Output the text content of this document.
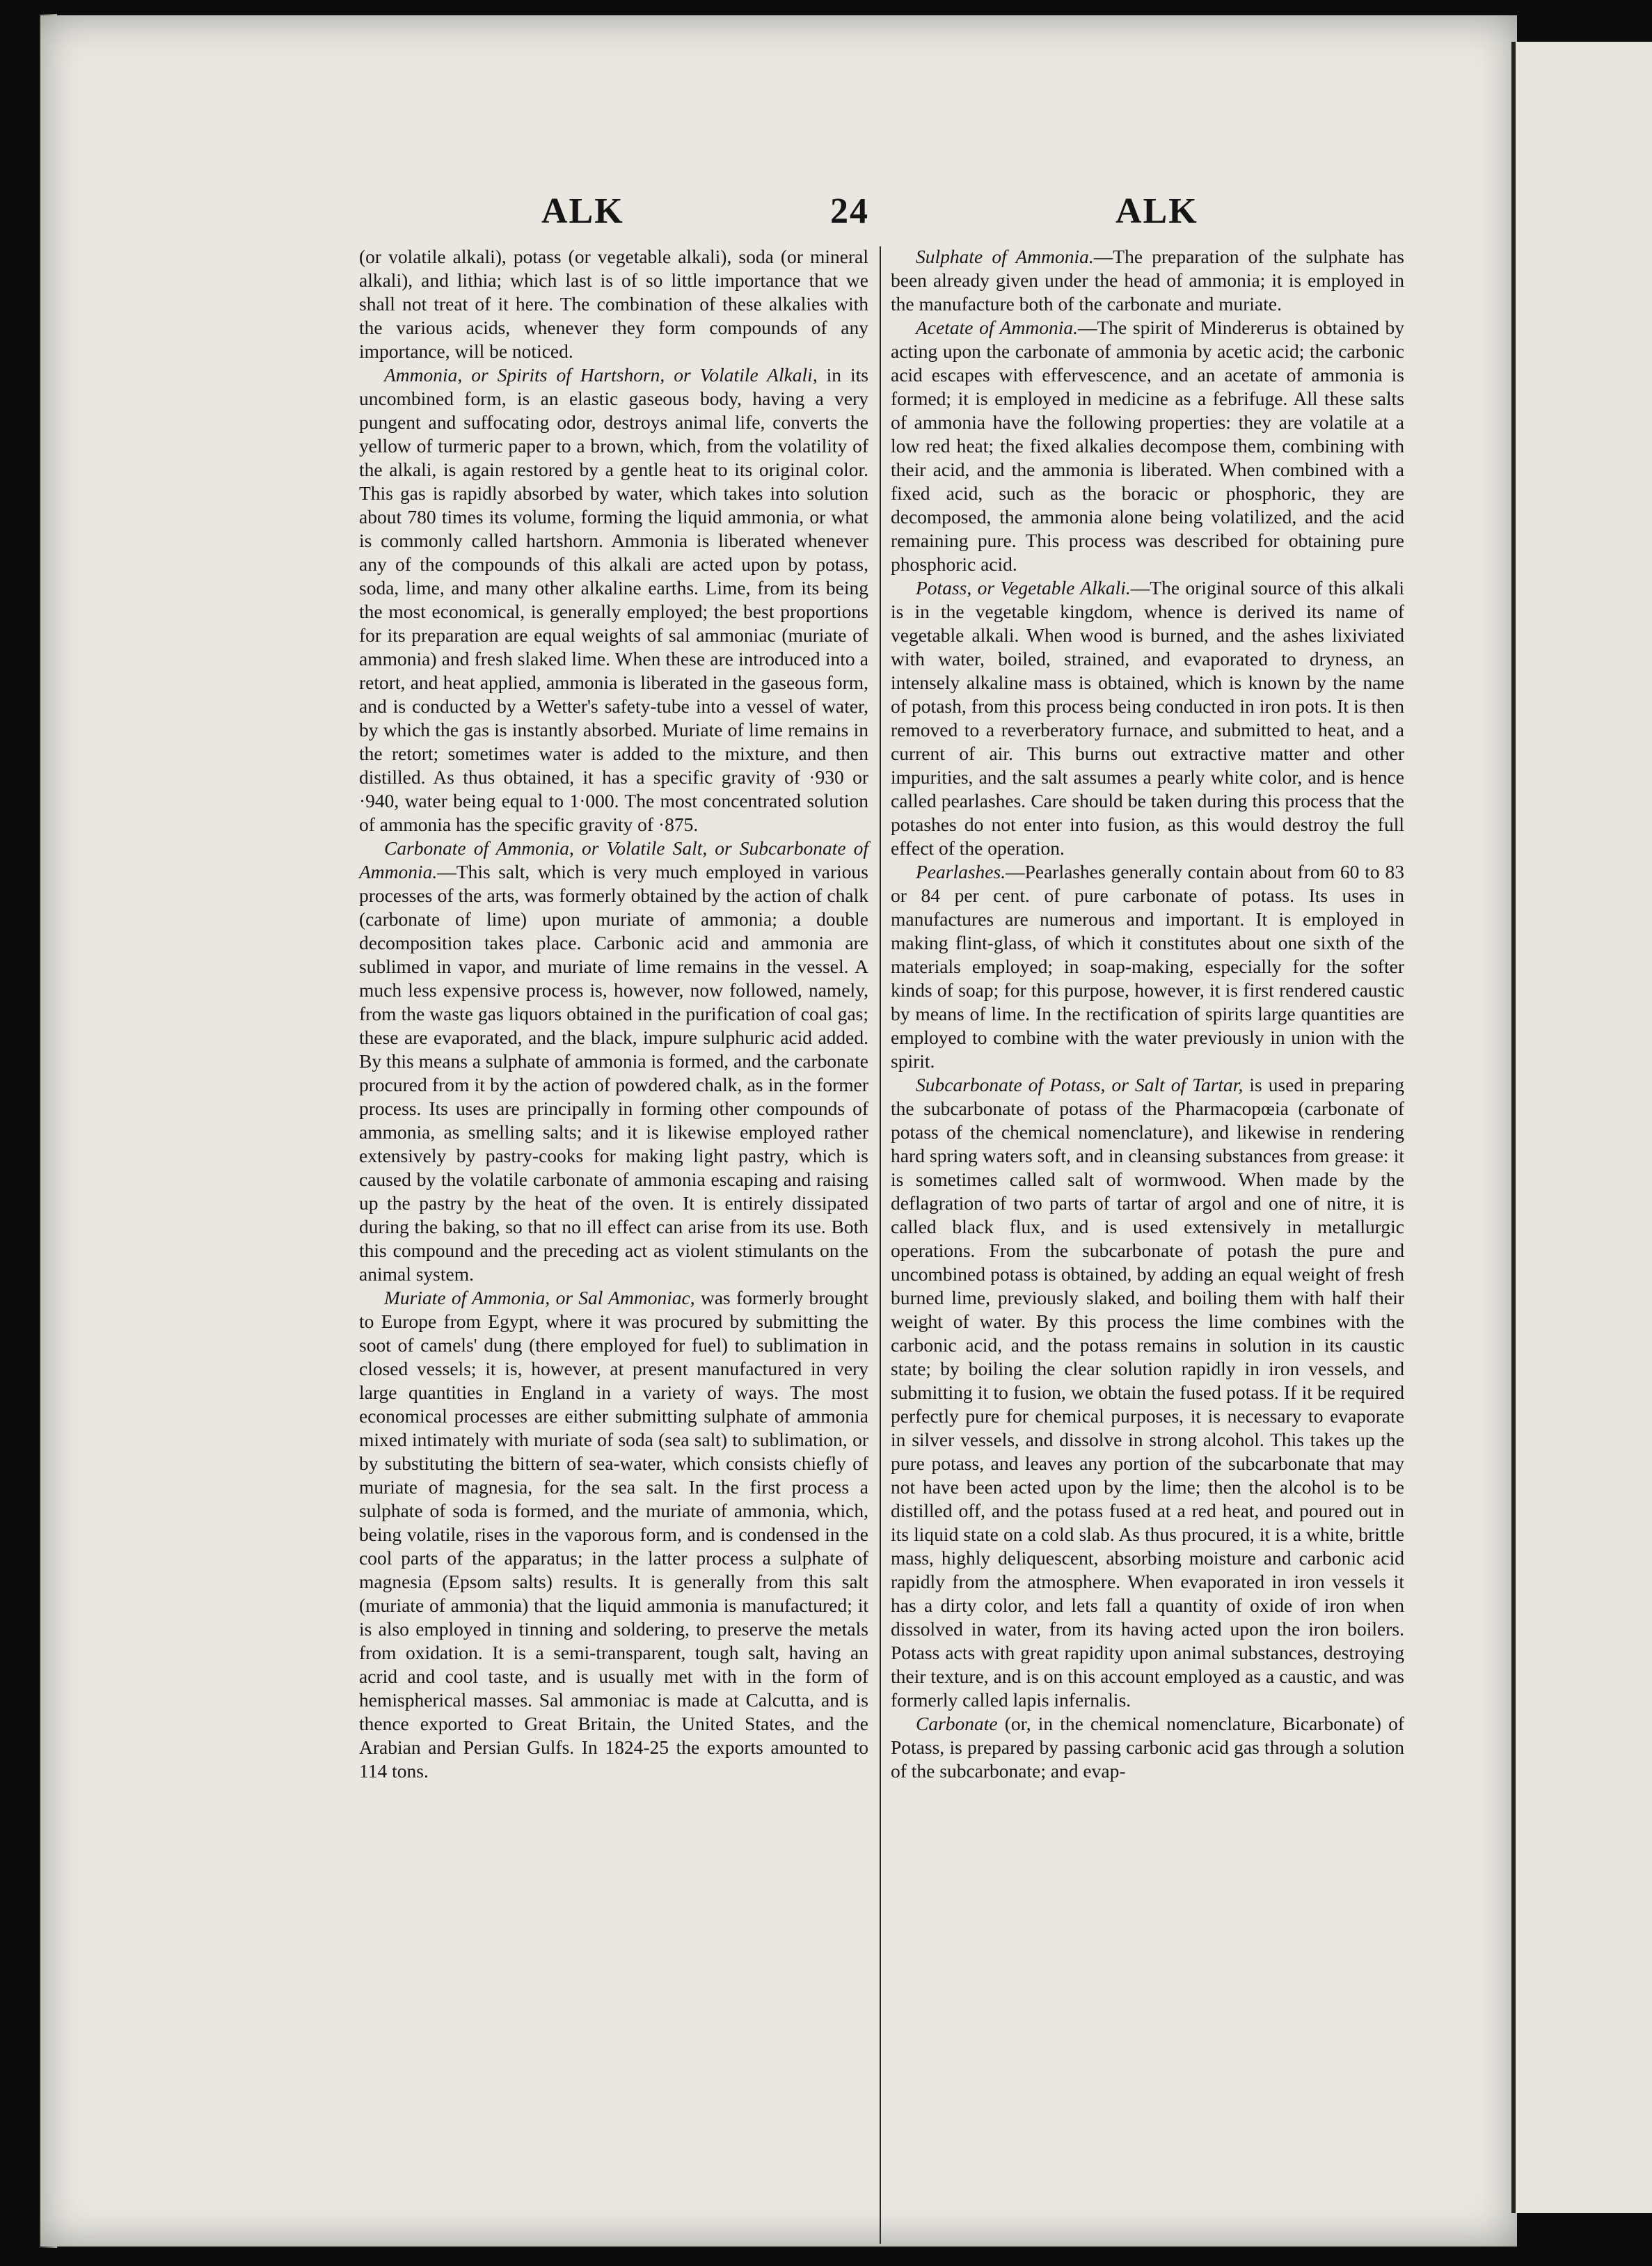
ALK	24	ALK

(or volatile alkali), potass (or vegetable alkali), soda (or mineral alkali), and lithia; which last is of so little importance that we shall not treat of it here. The combination of these alkalies with the various acids, whenever they form compounds of any importance, will be noticed.

Ammonia, or Spirits of Hartshorn, or Volatile Alkali, in its uncombined form, is an elastic gaseous body, having a very pungent and suffocating odor, destroys animal life, converts the yellow of turmeric paper to a brown, which, from the volatility of the alkali, is again restored by a gentle heat to its original color. This gas is rapidly absorbed by water, which takes into solution about 780 times its volume, forming the liquid ammonia, or what is commonly called hartshorn. Ammonia is liberated whenever any of the compounds of this alkali are acted upon by potass, soda, lime, and many other alkaline earths. Lime, from its being the most economical, is generally employed; the best proportions for its preparation are equal weights of sal ammoniac (muriate of ammonia) and fresh slaked lime. When these are introduced into a retort, and heat applied, ammonia is liberated in the gaseous form, and is conducted by a Wetter's safety-tube into a vessel of water, by which the gas is instantly absorbed. Muriate of lime remains in the retort; sometimes water is added to the mixture, and then distilled. As thus obtained, it has a specific gravity of ·930 or ·940, water being equal to 1·000. The most concentrated solution of ammonia has the specific gravity of ·875.

Carbonate of Ammonia, or Volatile Salt, or Subcarbonate of Ammonia.—This salt, which is very much employed in various processes of the arts, was formerly obtained by the action of chalk (carbonate of lime) upon muriate of ammonia; a double decomposition takes place. Carbonic acid and ammonia are sublimed in vapor, and muriate of lime remains in the vessel. A much less expensive process is, however, now followed, namely, from the waste gas liquors obtained in the purification of coal gas; these are evaporated, and the black, impure sulphuric acid added. By this means a sulphate of ammonia is formed, and the carbonate procured from it by the action of powdered chalk, as in the former process. Its uses are principally in forming other compounds of ammonia, as smelling salts; and it is likewise employed rather extensively by pastry-cooks for making light pastry, which is caused by the volatile carbonate of ammonia escaping and raising up the pastry by the heat of the oven. It is entirely dissipated during the baking, so that no ill effect can arise from its use. Both this compound and the preceding act as violent stimulants on the animal system.

Muriate of Ammonia, or Sal Ammoniac, was formerly brought to Europe from Egypt, where it was procured by submitting the soot of camels' dung (there employed for fuel) to sublimation in closed vessels; it is, however, at present manufactured in very large quantities in England in a variety of ways. The most economical processes are either submitting sulphate of ammonia mixed intimately with muriate of soda (sea salt) to sublimation, or by substituting the bittern of sea-water, which consists chiefly of muriate of magnesia, for the sea salt. In the first process a sulphate of soda is formed, and the muriate of ammonia, which, being volatile, rises in the vaporous form, and is condensed in the cool parts of the apparatus; in the latter process a sulphate of magnesia (Epsom salts) results. It is generally from this salt (muriate of ammonia) that the liquid ammonia is manufactured; it is also employed in tinning and soldering, to preserve the metals from oxidation. It is a semi-transparent, tough salt, having an acrid and cool taste, and is usually met with in the form of hemispherical masses. Sal ammoniac is made at Calcutta, and is thence exported to Great Britain, the United States, and the Arabian and Persian Gulfs. In 1824-25 the exports amounted to 114 tons.

Sulphate of Ammonia.—The preparation of the sulphate has been already given under the head of ammonia; it is employed in the manufacture both of the carbonate and muriate.

Acetate of Ammonia.—The spirit of Mindererus is obtained by acting upon the carbonate of ammonia by acetic acid; the carbonic acid escapes with effervescence, and an acetate of ammonia is formed; it is employed in medicine as a febrifuge. All these salts of ammonia have the following properties: they are volatile at a low red heat; the fixed alkalies decompose them, combining with their acid, and the ammonia is liberated. When combined with a fixed acid, such as the boracic or phosphoric, they are decomposed, the ammonia alone being volatilized, and the acid remaining pure. This process was described for obtaining pure phosphoric acid.

Potass, or Vegetable Alkali.—The original source of this alkali is in the vegetable kingdom, whence is derived its name of vegetable alkali. When wood is burned, and the ashes lixiviated with water, boiled, strained, and evaporated to dryness, an intensely alkaline mass is obtained, which is known by the name of potash, from this process being conducted in iron pots. It is then removed to a reverberatory furnace, and submitted to heat, and a current of air. This burns out extractive matter and other impurities, and the salt assumes a pearly white color, and is hence called pearlashes. Care should be taken during this process that the potashes do not enter into fusion, as this would destroy the full effect of the operation.

Pearlashes.—Pearlashes generally contain about from 60 to 83 or 84 per cent. of pure carbonate of potass. Its uses in manufactures are numerous and important. It is employed in making flint-glass, of which it constitutes about one sixth of the materials employed; in soap-making, especially for the softer kinds of soap; for this purpose, however, it is first rendered caustic by means of lime. In the rectification of spirits large quantities are employed to combine with the water previously in union with the spirit.

Subcarbonate of Potass, or Salt of Tartar, is used in preparing the subcarbonate of potass of the Pharmacopœia (carbonate of potass of the chemical nomenclature), and likewise in rendering hard spring waters soft, and in cleansing substances from grease: it is sometimes called salt of wormwood. When made by the deflagration of two parts of tartar of argol and one of nitre, it is called black flux, and is used extensively in metallurgic operations. From the subcarbonate of potash the pure and uncombined potass is obtained, by adding an equal weight of fresh burned lime, previously slaked, and boiling them with half their weight of water. By this process the lime combines with the carbonic acid, and the potass remains in solution in its caustic state; by boiling the clear solution rapidly in iron vessels, and submitting it to fusion, we obtain the fused potass. If it be required perfectly pure for chemical purposes, it is necessary to evaporate in silver vessels, and dissolve in strong alcohol. This takes up the pure potass, and leaves any portion of the subcarbonate that may not have been acted upon by the lime; then the alcohol is to be distilled off, and the potass fused at a red heat, and poured out in its liquid state on a cold slab. As thus procured, it is a white, brittle mass, highly deliquescent, absorbing moisture and carbonic acid rapidly from the atmosphere. When evaporated in iron vessels it has a dirty color, and lets fall a quantity of oxide of iron when dissolved in water, from its having acted upon the iron boilers. Potass acts with great rapidity upon animal substances, destroying their texture, and is on this account employed as a caustic, and was formerly called lapis infernalis.

Carbonate (or, in the chemical nomenclature, Bicarbonate) of Potass, is prepared by passing carbonic acid gas through a solution of the subcarbonate; and evap-
